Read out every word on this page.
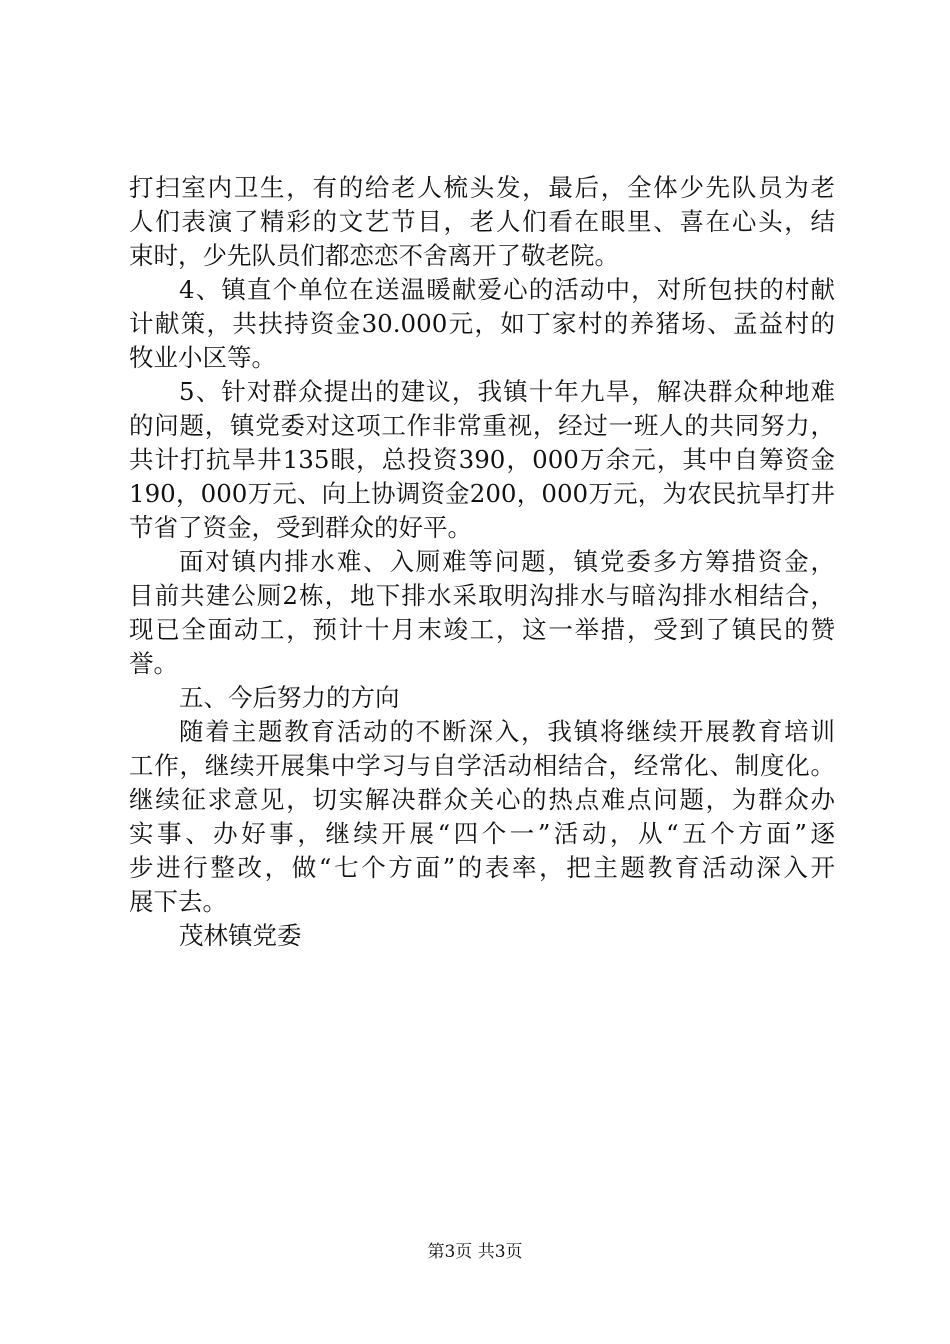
打扫室内卫生，有的给老人梳头发，最后，全体少先队员为老
人们表演了精彩的文艺节目，老人们看在眼里、喜在心头，结
束时，少先队员们都恋恋不舍离开了敬老院。
4、镇直个单位在送温暖献爱心的活动中，对所包扶的村献
计献策，共扶持资金30.000元，如丁家村的养猪场、孟益村的
牧业小区等。
5、针对群众提出的建议，我镇十年九旱，解决群众种地难
的问题，镇党委对这项工作非常重视，经过一班人的共同努力，
共计打抗旱井135眼，总投资390，000万余元，其中自筹资金
190，000万元、向上协调资金200，000万元，为农民抗旱打井
节省了资金，受到群众的好平。
面对镇内排水难、入厕难等问题，镇党委多方筹措资金，
目前共建公厕2栋，地下排水采取明沟排水与暗沟排水相结合，
现已全面动工，预计十月末竣工，这一举措，受到了镇民的赞
誉。
五、今后努力的方向
随着主题教育活动的不断深入，我镇将继续开展教育培训
工作，继续开展集中学习与自学活动相结合，经常化、制度化。
继续征求意见，切实解决群众关心的热点难点问题，为群众办
实事、办好事，继续开展“四个一”活动，从“五个方面”逐
步进行整改，做“七个方面”的表率，把主题教育活动深入开
展下去。
茂林镇党委
第3页 共3页
